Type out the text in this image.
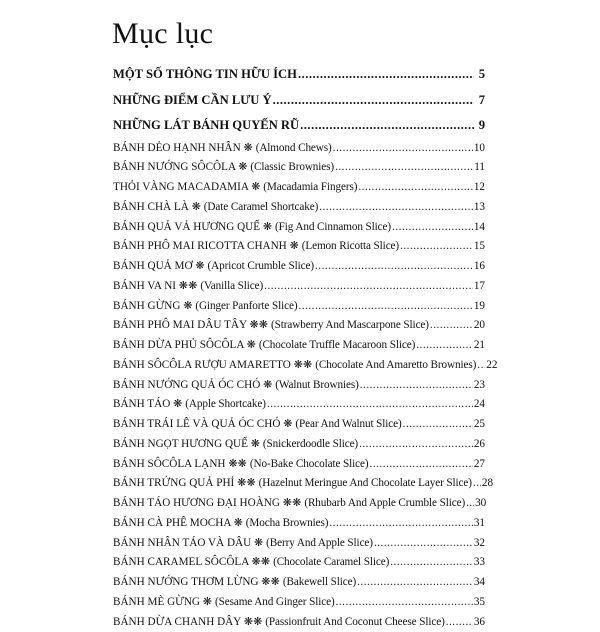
Mục lục
MỘT SỐ THÔNG TIN HỮU ÍCH .....	5
NHỮNG ĐIỂM CẦN LƯU Ý .....	7
NHỮNG LÁT BÁNH QUYẾN RŨ .....	9
BÁNH DẺO HẠNH NHÂN ❋ (Almond Chews) .....	10
BÁNH NƯỚNG SÔCÔLA ❋ (Classic Brownies) .....	11
THỎI VÀNG MACADAMIA ❋ (Macadamia Fingers) .....	12
BÁNH CHÀ LÀ ❋ (Date Caramel Shortcake) .....	13
BÁNH QUẢ VẢ HƯƠNG QUẾ ❋ (Fig And Cinnamon Slice) .....	14
BÁNH PHÔ MAI RICOTTA CHANH ❋ (Lemon Ricotta Slice) .....	15
BÁNH QUẢ MƠ ❋ (Apricot Crumble Slice) .....	16
BÁNH VA NI ❋❋ (Vanilla Slice) .....	17
BÁNH GỪNG ❋ (Ginger Panforte Slice) .....	19
BÁNH PHÔ MAI DÂU TÂY ❋❋ (Strawberry And Mascarpone Slice) .....	20
BÁNH DỪA PHỦ SÔCÔLA ❋ (Chocolate Truffle Macaroon Slice) .....	21
BÁNH SÔCÔLA RƯỢU AMARETTO ❋❋ (Chocolate And Amaretto Brownies) ..... 22
BÁNH NƯỚNG QUẢ ÓC CHÓ ❋ (Walnut Brownies) .....	23
BÁNH TÁO ❋ (Apple Shortcake) .....	24
BÁNH TRÁI LÊ VÀ QUẢ ÓC CHÓ ❋ (Pear And Walnut Slice) .....	25
BÁNH NGỌT HƯƠNG QUẾ ❋ (Snickerdoodle Slice) .....	26
BÁNH SÔCÔLA LẠNH ❋❋ (No-Bake Chocolate Slice) .....	27
BÁNH TRỨNG QUẢ PHỈ ❋❋ (Hazelnut Meringue And Chocolate Layer Slice) ..... 28
BÁNH TÁO HƯƠNG ĐẠI HOÀNG ❋❋ (Rhubarb And Apple Crumble Slice) ..... 30
BÁNH CÀ PHÊ MOCHA ❋ (Mocha Brownies) .....	31
BÁNH NHÂN TÁO VÀ DÂU ❋ (Berry And Apple Slice) .....	32
BÁNH CARAMEL SÔCÔLA ❋❋ (Chocolate Caramel Slice) .....	33
BÁNH NƯỚNG THƠM LỪNG ❋❋ (Bakewell Slice) .....	34
BÁNH MÈ GỪNG ❋ (Sesame And Ginger Slice) .....	35
BÁNH DỪA CHANH DÂY ❋❋ (Passionfruit And Coconut Cheese Slice) .....	36
